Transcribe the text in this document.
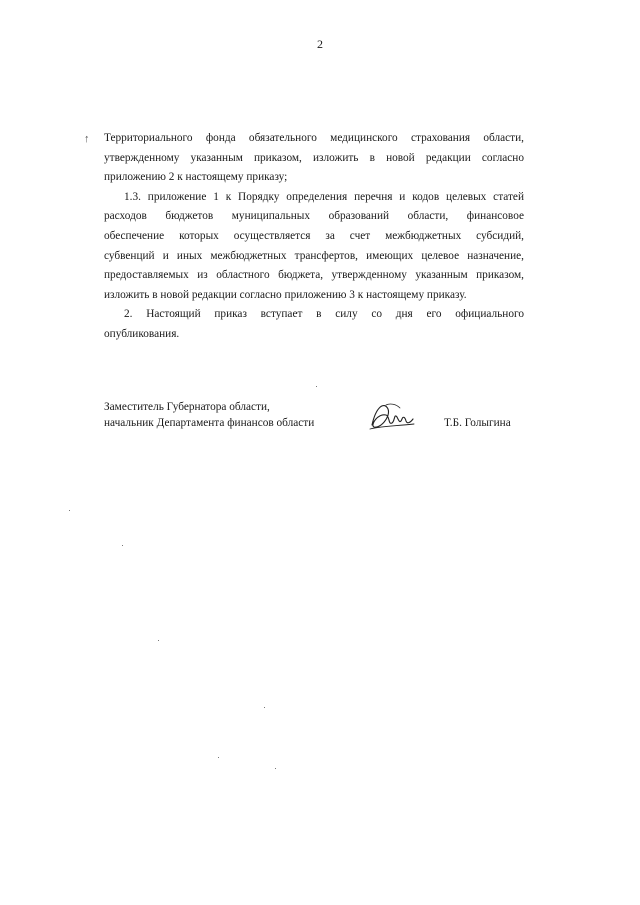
2
↑ Территориального фонда обязательного медицинского страхования области,
утвержденному указанным приказом, изложить в новой редакции согласно
приложению 2 к настоящему приказу;

1.3. приложение 1 к Порядку определения перечня и кодов целевых статей
расходов бюджетов муниципальных образований области, финансовое
обеспечение которых осуществляется за счет межбюджетных субсидий,
субвенций и иных межбюджетных трансфертов, имеющих целевое назначение,
предоставляемых из областного бюджета, утвержденному указанным приказом,
изложить в новой редакции согласно приложению 3 к настоящему приказу.

2. Настоящий приказ вступает в силу со дня его официального
опубликования.

Заместитель Губернатора области,
начальник Департамента финансов области	Т.Б. Голыгина
